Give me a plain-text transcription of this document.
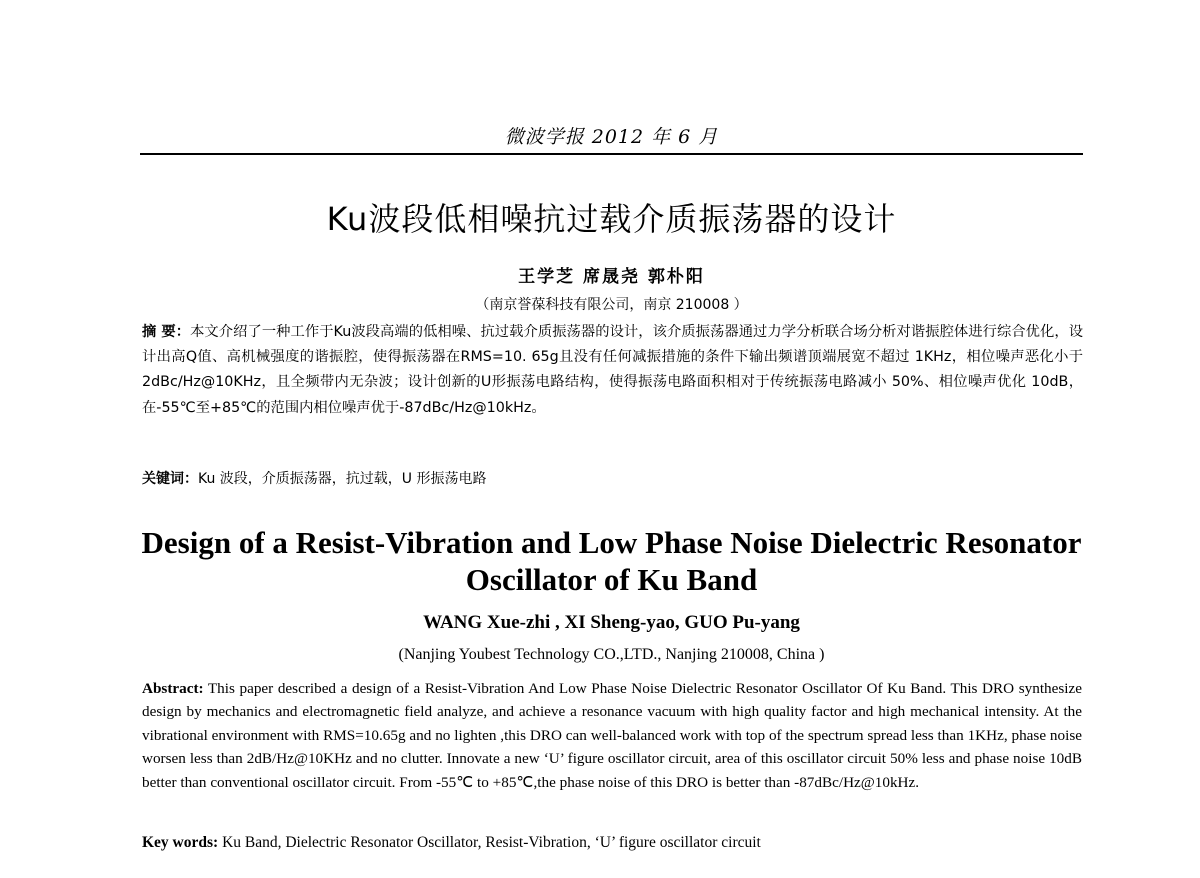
微波学报 2012 年 6 月
Ku波段低相噪抗过载介质振荡器的设计
王学芝 席晟尧 郭朴阳
（南京誉葆科技有限公司，南京 210008 ）
摘 要：本文介绍了一种工作于Ku波段高端的低相噪、抗过载介质振荡器的设计，该介质振荡器通过力学分析联合场分析对谐振腔体进行综合优化，设计出高Q值、高机械强度的谐振腔，使得振荡器在RMS=10. 65g且没有任何减振措施的条件下输出频谱顶端展宽不超过 1KHz，相位噪声恶化小于 2dBc/Hz@10KHz，且全频带内无杂波；设计创新的U形振荡电路结构，使得振荡电路面积相对于传统振荡电路减小 50%、相位噪声优化 10dB，在-55℃至+85℃的范围内相位噪声优于-87dBc/Hz@10kHz。
关键词：Ku 波段，介质振荡器，抗过载，U 形振荡电路
Design of a Resist-Vibration and Low Phase Noise Dielectric Resonator Oscillator of Ku Band
WANG Xue-zhi , XI Sheng-yao, GUO Pu-yang
(Nanjing Youbest Technology CO.,LTD., Nanjing 210008, China )
Abstract: This paper described a design of a Resist-Vibration And Low Phase Noise Dielectric Resonator Oscillator Of Ku Band. This DRO synthesize design by mechanics and electromagnetic field analyze, and achieve a resonance vacuum with high quality factor and high mechanical intensity. At the vibrational environment with RMS=10.65g and no lighten ,this DRO can well-balanced work with top of the spectrum spread less than 1KHz, phase noise worsen less than 2dB/Hz@10KHz and no clutter. Innovate a new ‘U’ figure oscillator circuit, area of this oscillator circuit 50% less and phase noise 10dB better than conventional oscillator circuit. From -55℃ to +85℃,the phase noise of this DRO is better than -87dBc/Hz@10kHz.
Key words: Ku Band, Dielectric Resonator Oscillator, Resist-Vibration, ‘U’ figure oscillator circuit
